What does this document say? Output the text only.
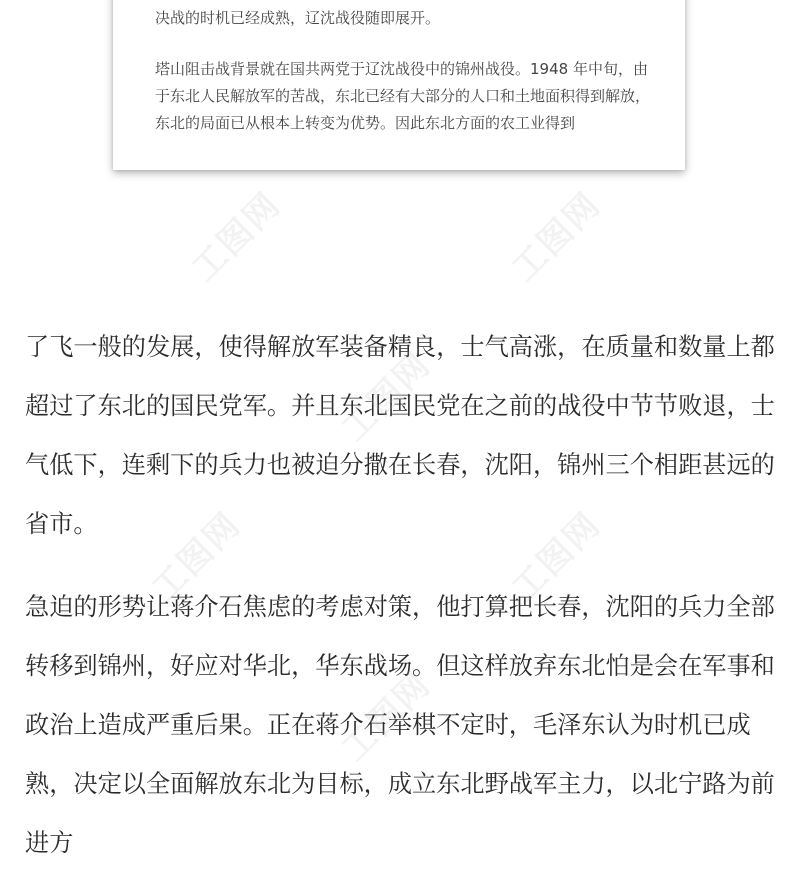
决战的时机已经成熟，辽沈战役随即展开。

塔山阻击战背景就在国共两党于辽沈战役中的锦州战役。1948 年中旬，由于东北人民解放军的苦战，东北已经有大部分的人口和土地面积得到解放，东北的局面已从根本上转变为优势。因此东北方面的农工业得到

了飞一般的发展，使得解放军装备精良，士气高涨，在质量和数量上都超过了东北的国民党军。并且东北国民党在之前的战役中节节败退，士气低下，连剩下的兵力也被迫分撒在长春，沈阳，锦州三个相距甚远的省市。

急迫的形势让蒋介石焦虑的考虑对策，他打算把长春，沈阳的兵力全部转移到锦州，好应对华北，华东战场。但这样放弃东北怕是会在军事和政治上造成严重后果。正在蒋介石举棋不定时，毛泽东认为时机已成熟，决定以全面解放东北为目标，成立东北野战军主力，以北宁路为前进方

工图网	工图网
工图网
工图网	工图网
工图网
